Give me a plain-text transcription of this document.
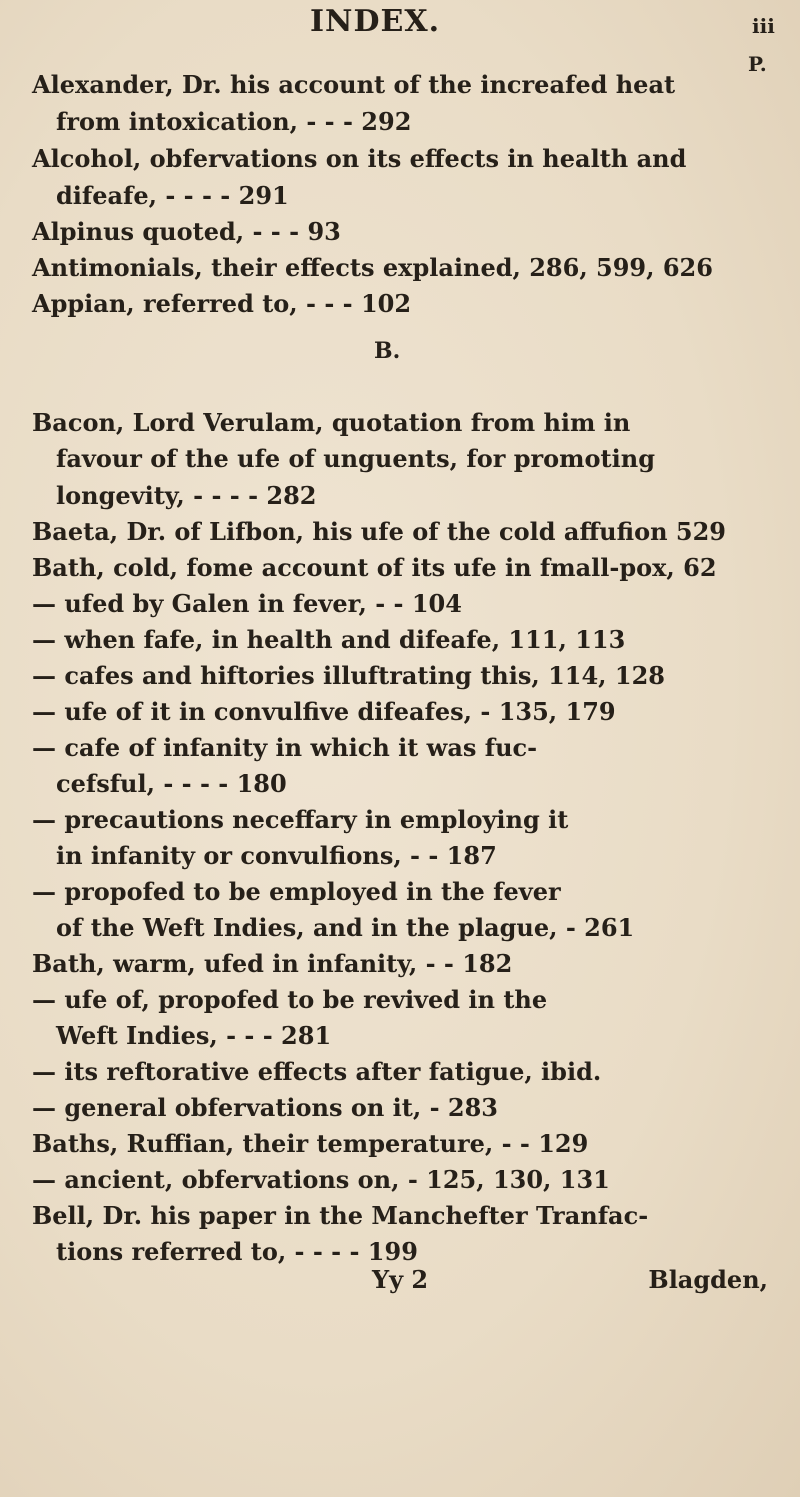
INDEX.	iii
P.
Alexander, Dr. his account of the increafed heat
from intoxication, - - - 292
Alcohol, obfervations on its effects in health and
difeafe, - - - - 291
Alpinus quoted, - - - 93
Antimonials, their effects explained, 286, 599, 626
Appian, referred to, - - - 102
B.
Bacon, Lord Verulam, quotation from him in
favour of the ufe of unguents, for promoting
longevity, - - - - 282
Baeta, Dr. of Lifbon, his ufe of the cold affufion 529
Bath, cold, fome account of its ufe in fmall-pox, 62
— ufed by Galen in fever, - - 104
— when fafe, in health and difeafe, 111, 113
— cafes and hiftories illuftrating this, 114, 128
— ufe of it in convulfive difeafes, - 135, 179
— cafe of infanity in which it was fuc-
cefsful, - - - - 180
— precautions neceffary in employing it
in infanity or convulfions, - - 187
— propofed to be employed in the fever
of the Weft Indies, and in the plague, - 261
Bath, warm, ufed in infanity, - - 182
— ufe of, propofed to be revived in the
Weft Indies, - - - 281
— its reftorative effects after fatigue, ibid.
— general obfervations on it, - 283
Baths, Ruffian, their temperature, - - 129
— ancient, obfervations on, - 125, 130, 131
Bell, Dr. his paper in the Manchefter Tranfac-
tions referred to, - - - - 199
Yy 2	Blagden,
